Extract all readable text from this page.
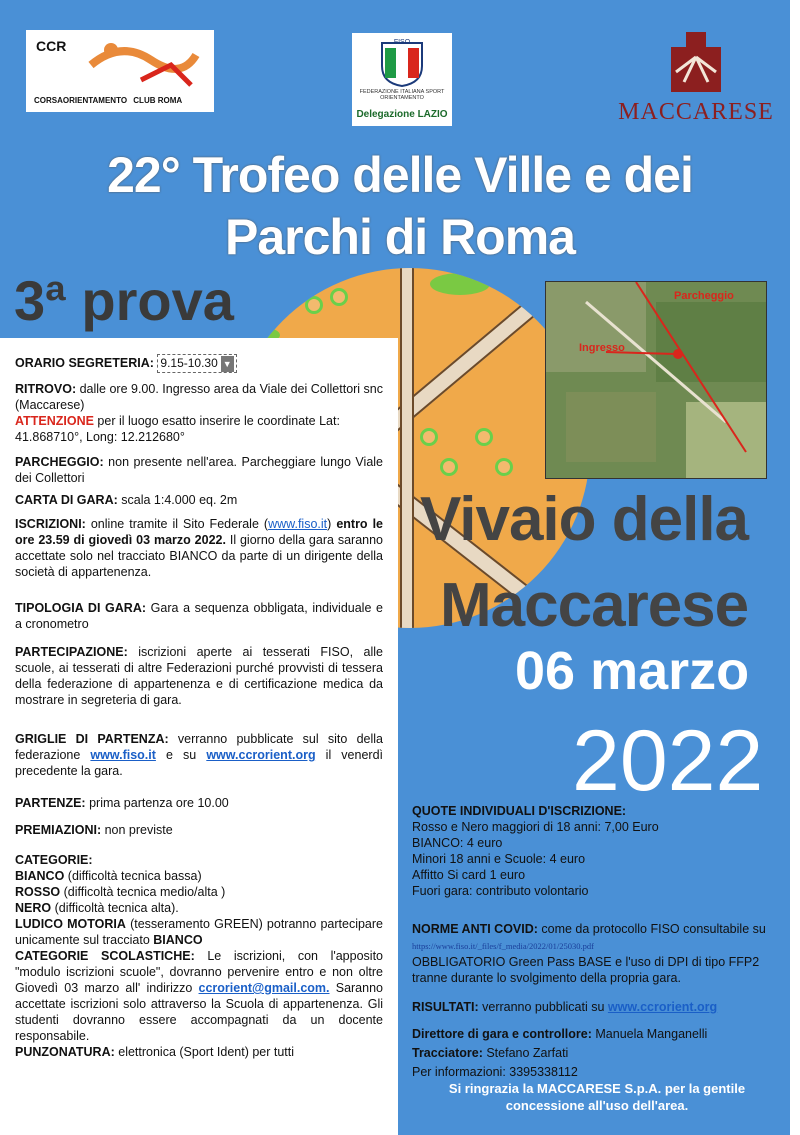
CCR
CORSAORIENTAMENTO CLUB ROMA
FISO
FEDERAZIONE ITALIANA SPORT ORIENTAMENTO
Delegazione LAZIO	MACCARESE
22° Trofeo delle Ville e dei
Parchi di Roma
3ª prova	Parcheggio
Ingresso
Vivaio della
Maccarese
06 marzo
2022
ORARIO SEGRETERIA: 9.15-10.30 ▼
RITROVO: dalle ore 9.00. Ingresso area da Viale dei Collettori snc (Maccarese)
ATTENZIONE per il luogo esatto inserire le coordinate Lat: 41.868710°, Long: 12.212680°
PARCHEGGIO: non presente nell'area. Parcheggiare lungo Viale dei Collettori
CARTA DI GARA: scala 1:4.000 eq. 2m
ISCRIZIONI: online tramite il Sito Federale (www.fiso.it) entro le ore 23.59 di giovedì 03 marzo 2022. Il giorno della gara saranno accettate solo nel tracciato BIANCO da parte di un dirigente della società di appartenenza.
TIPOLOGIA DI GARA: Gara a sequenza obbligata, individuale e a cronometro
PARTECIPAZIONE: iscrizioni aperte ai tesserati FISO, alle scuole, ai tesserati di altre Federazioni purché provvisti di tessera della federazione di appartenenza e di certificazione medica da mostrare in segreteria di gara.
GRIGLIE DI PARTENZA: verranno pubblicate sul sito della federazione www.fiso.it e su www.ccrorient.org il venerdì precedente la gara.
PARTENZE: prima partenza ore 10.00
PREMIAZIONI: non previste
CATEGORIE:
BIANCO (difficoltà tecnica bassa)
ROSSO (difficoltà tecnica medio/alta )
NERO (difficoltà tecnica alta).
LUDICO MOTORIA (tesseramento GREEN) potranno partecipare unicamente sul tracciato BIANCO
CATEGORIE SCOLASTICHE: Le iscrizioni, con l'apposito "modulo iscrizioni scuole", dovranno pervenire entro e non oltre Giovedì 03 marzo all' indirizzo ccrorient@gmail.com. Saranno accettate iscrizioni solo attraverso la Scuola di appartenenza. Gli studenti dovranno essere accompagnati da un docente responsabile.
PUNZONATURA: elettronica (Sport Ident) per tutti
QUOTE INDIVIDUALI D'ISCRIZIONE:
Rosso e Nero maggiori di 18 anni: 7,00 Euro
BIANCO: 4 euro
Minori 18 anni e Scuole: 4 euro
Affitto Si card 1 euro
Fuori gara: contributo volontario
NORME ANTI COVID: come da protocollo FISO consultabile su https://www.fiso.it/_files/f_media/2022/01/25030.pdf
OBBLIGATORIO Green Pass BASE e l'uso di DPI di tipo FFP2 tranne durante lo svolgimento della propria gara.
RISULTATI: verranno pubblicati su www.ccrorient.org
Direttore di gara e controllore: Manuela Manganelli
Tracciatore: Stefano Zarfati
Per informazioni: 3395338112
Si ringrazia la MACCARESE S.p.A. per la gentile
concessione all'uso dell'area.
